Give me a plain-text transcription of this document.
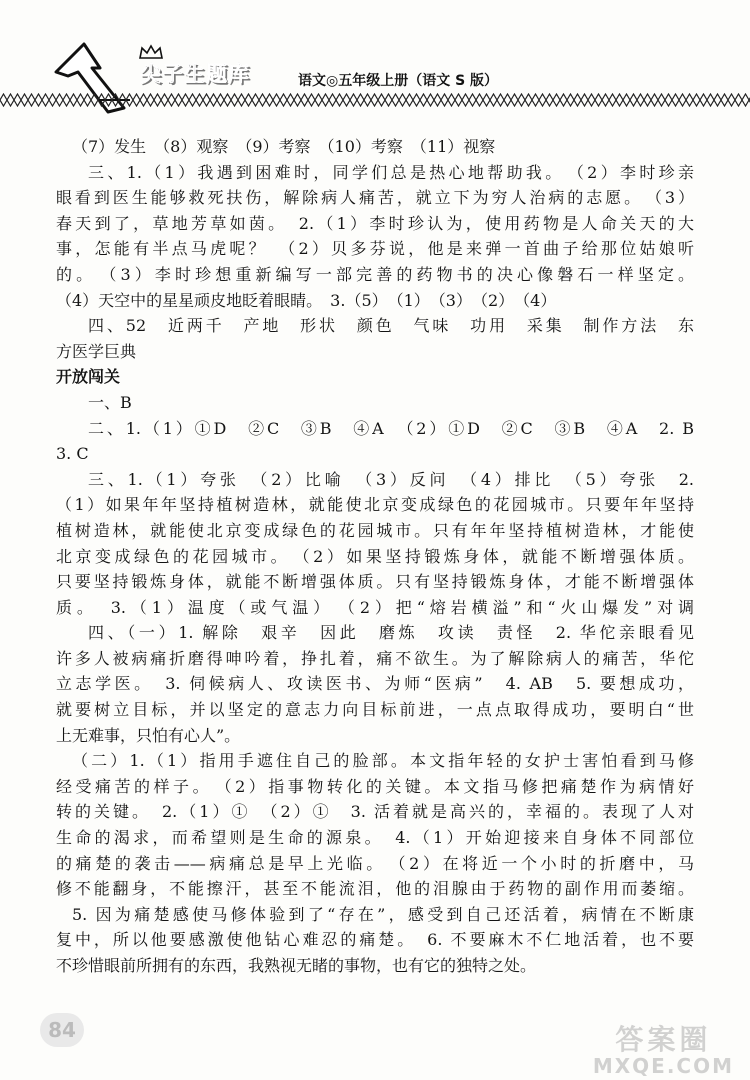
尖子生题库	语文◎五年级上册（语文 S 版）
（7）发生　（8）观察　（9）考察　（10）考察　（11）视察
三、1.（1）我遇到困难时，同学们总是热心地帮助我。　（2）李时珍亲
眼看到医生能够救死扶伤，解除病人痛苦，就立下为穷人治病的志愿。　（3）
春天到了，草地芳草如茵。　2.（1）李时珍认为，使用药物是人命关天的大
事，怎能有半点马虎呢？　（2）贝多芬说，他是来弹一首曲子给那位姑娘听
的。　（3）李时珍想重新编写一部完善的药物书的决心像磐石一样坚定。
（4）天空中的星星顽皮地眨着眼睛。　3.（5）　（1）　（3）　（2）　（4）
四、52　近两千　产地　形状　颜色　气味　功用　采集　制作方法　东
方医学巨典
开放闯关
一、B
二、1.（1）①D　②C　③B　④A　（2）①D　②C　③B　④A　2. B
3. C
三、1.（1）夸张　（2）比喻　（3）反问　（4）排比　（5）夸张　2.
（1）如果年年坚持植树造林，就能使北京变成绿色的花园城市。只要年年坚持
植树造林，就能使北京变成绿色的花园城市。只有年年坚持植树造林，才能使
北京变成绿色的花园城市。　（2）如果坚持锻炼身体，就能不断增强体质。
只要坚持锻炼身体，就能不断增强体质。只有坚持锻炼身体，才能不断增强体
质。　3.（1）温度（或气温）　（2）把“熔岩横溢”和“火山爆发”对调
四、（一）1. 解除　艰辛　因此　磨炼　攻读　责怪　2. 华佗亲眼看见
许多人被病痛折磨得呻吟着，挣扎着，痛不欲生。为了解除病人的痛苦，华佗
立志学医。　3. 伺候病人、攻读医书、为师“医病”　4. AB　5. 要想成功，
就要树立目标，并以坚定的意志力向目标前进，一点点取得成功，要明白“世
上无难事，只怕有心人”。
（二）1.（1）指用手遮住自己的脸部。本文指年轻的女护士害怕看到马修
经受痛苦的样子。　（2）指事物转化的关键。本文指马修把痛楚作为病情好
转的关键。　2.（1）①　（2）①　3. 活着就是高兴的，幸福的。表现了人对
生命的渴求，而希望则是生命的源泉。　4.（1）开始迎接来自身体不同部位
的痛楚的袭击——病痛总是早上光临。　（2）在将近一个小时的折磨中，马
修不能翻身，不能擦汗，甚至不能流泪，他的泪腺由于药物的副作用而萎缩。
5. 因为痛楚感使马修体验到了“存在”，感受到自己还活着，病情在不断康
复中，所以他要感激使他钻心难忍的痛楚。　6. 不要麻木不仁地活着，也不要
不珍惜眼前所拥有的东西，我熟视无睹的事物，也有它的独特之处。
84	答案圈
MXQE.COM
